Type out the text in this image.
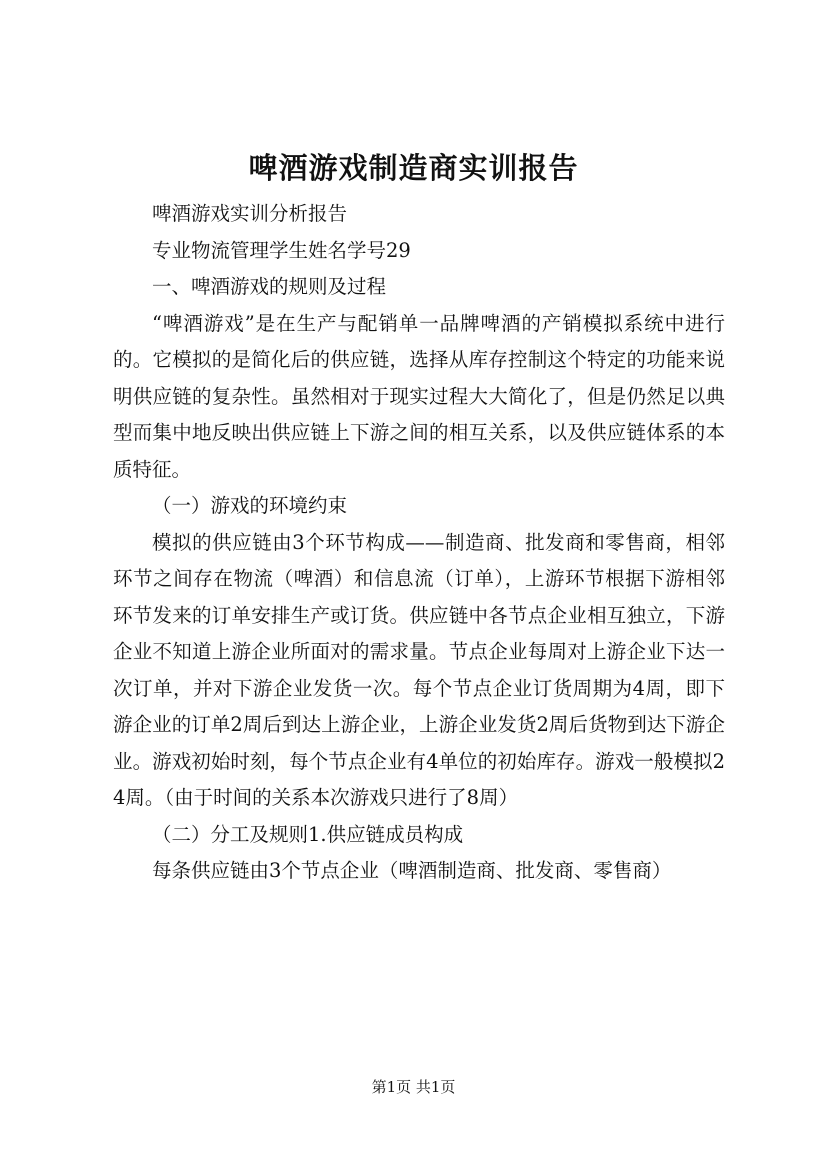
啤酒游戏制造商实训报告

啤酒游戏实训分析报告

专业物流管理学生姓名学号29

一、啤酒游戏的规则及过程

“啤酒游戏”是在生产与配销单一品牌啤酒的产销模拟系统中进行的。它模拟的是简化后的供应链，选择从库存控制这个特定的功能来说明供应链的复杂性。虽然相对于现实过程大大简化了，但是仍然足以典型而集中地反映出供应链上下游之间的相互关系，以及供应链体系的本质特征。

（一）游戏的环境约束

模拟的供应链由3个环节构成——制造商、批发商和零售商，相邻环节之间存在物流（啤酒）和信息流（订单），上游环节根据下游相邻环节发来的订单安排生产或订货。供应链中各节点企业相互独立，下游企业不知道上游企业所面对的需求量。节点企业每周对上游企业下达一次订单，并对下游企业发货一次。每个节点企业订货周期为4周，即下游企业的订单2周后到达上游企业，上游企业发货2周后货物到达下游企业。游戏初始时刻，每个节点企业有4单位的初始库存。游戏一般模拟24周。（由于时间的关系本次游戏只进行了8周）

（二）分工及规则1.供应链成员构成

每条供应链由3个节点企业（啤酒制造商、批发商、零售商）

第1页 共1页
